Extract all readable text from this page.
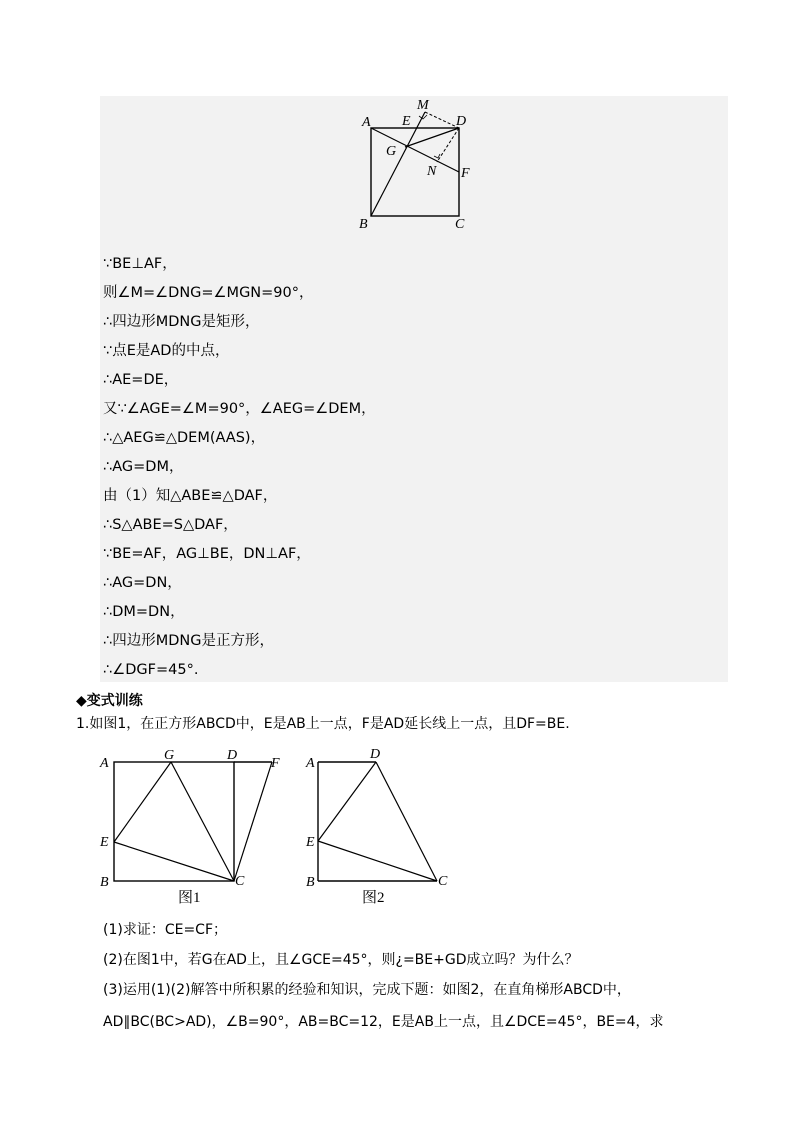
A
M
E	D
G
N F
B	C
∵BE⊥AF，
则∠M=∠DNG=∠MGN=90°，
∴四边形MDNG是矩形，
∵点E是AD的中点，
∴AE=DE，
又∵∠AGE=∠M=90°，∠AEG=∠DEM，
∴△AEG≌△DEM(AAS)，
∴AG=DM，
由（1）知△ABE≌△DAF，
∴S△ABE=S△DAF，
∵BE=AF，AG⊥BE，DN⊥AF，
∴AG=DN，
∴DM=DN，
∴四边形MDNG是正方形，
∴∠DGF=45°.
◆变式训练
1.如图1，在正方形ABCD中，E是AB上一点，F是AD延长线上一点，且DF=BE.
A
G	D
F
E
B	C
图1
A
D
E
B	C
图2
(1)求证：CE=CF；
(2)在图1中，若G在AD上，且∠GCE=45°，则¿=BE+GD成立吗？为什么？
(3)运用(1)(2)解答中所积累的经验和知识，完成下题：如图2，在直角梯形ABCD中，
AD∥BC(BC>AD)，∠B=90°，AB=BC=12，E是AB上一点，且∠DCE=45°，BE=4，求
